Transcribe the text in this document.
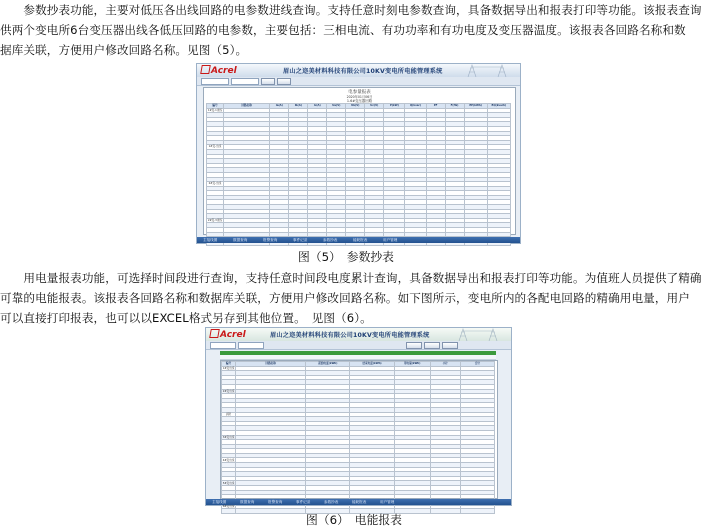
　　参数抄表功能，主要对低压各出线回路的电参数进线查询。支持任意时刻电参数查询，具备数据导出和报表打印等功能。该报表查询

供两个变电所6台变压器出线各低压回路的电参数，主要包括：三相电流、有功功率和有功电度及变压器温度。该报表各回路名称和数

据库关联，方便用户修改回路名称。见图（5）。

Acrel	眉山之迩美材料科技有限公司10KV变电所电能管理系统
电参量报表
2020年01月06日
1.6#变压器回路
编号	回路名称	Ia(A)	Ib(A)	Ic(A)	Ua(V)	Ub(V)	Uc(V)	P(kW)	Q(kvar)	PF	F(Hz)	EP(kWh)	EQ(kvarh)
1#变-1进线													

1#变-出线													

2#变-出线													

2#变-3进线													

主接线图	数据查询	报警查询	事件记录	参数抄表	能耗报表	用户管理
图（5）　参数抄表

　　用电量报表功能，可选择时间段进行查询，支持任意时间段电度累计查询，具备数据导出和报表打印等功能。为值班人员提供了精确

可靠的电能报表。该报表各回路名称和数据库关联，方便用户修改回路名称。如下图所示，变电所内的各配电回路的精确用电量，用户

可以直接打印报表，也可以以EXCEL格式另存到其他位置。　见图（6）。

Acrel	眉山之迩美材料科技有限公司10KV变电所电能管理系统
编号	回路名称	起始电度(kWh)	结束电度(kWh)	用电量(kWh)	小计	合计
1#变出线						

2#变出线						

消防						

3#变出线						

4#变出线						

5#变出线						

6#变出线						

主接线图	数据查询	报警查询	事件记录	参数抄表	能耗报表	用户管理
图（6）　电能报表
